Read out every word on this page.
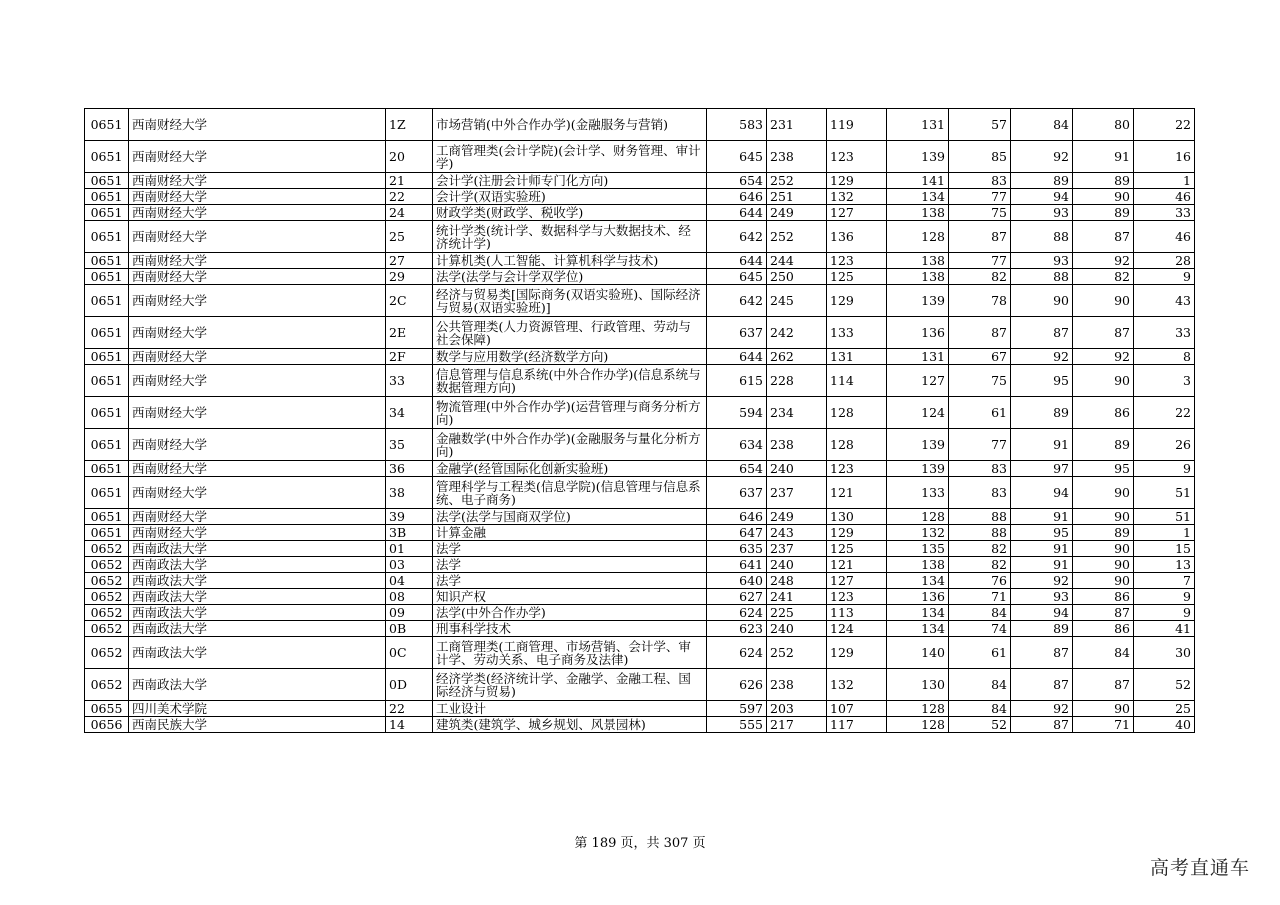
0651	西南财经大学	1Z	市场营销(中外合作办学)(金融服务与营销)	583	231	119	131	57	84	80	22
0651	西南财经大学	20	工商管理类(会计学院)(会计学、财务管理、审计学)	645	238	123	139	85	92	91	16
0651	西南财经大学	21	会计学(注册会计师专门化方向)	654	252	129	141	83	89	89	1
0651	西南财经大学	22	会计学(双语实验班)	646	251	132	134	77	94	90	46
0651	西南财经大学	24	财政学类(财政学、税收学)	644	249	127	138	75	93	89	33
0651	西南财经大学	25	统计学类(统计学、数据科学与大数据技术、经济统计学)	642	252	136	128	87	88	87	46
0651	西南财经大学	27	计算机类(人工智能、计算机科学与技术)	644	244	123	138	77	93	92	28
0651	西南财经大学	29	法学(法学与会计学双学位)	645	250	125	138	82	88	82	9
0651	西南财经大学	2C	经济与贸易类[国际商务(双语实验班)、国际经济与贸易(双语实验班)]	642	245	129	139	78	90	90	43
0651	西南财经大学	2E	公共管理类(人力资源管理、行政管理、劳动与社会保障)	637	242	133	136	87	87	87	33
0651	西南财经大学	2F	数学与应用数学(经济数学方向)	644	262	131	131	67	92	92	8
0651	西南财经大学	33	信息管理与信息系统(中外合作办学)(信息系统与数据管理方向)	615	228	114	127	75	95	90	3
0651	西南财经大学	34	物流管理(中外合作办学)(运营管理与商务分析方向)	594	234	128	124	61	89	86	22
0651	西南财经大学	35	金融数学(中外合作办学)(金融服务与量化分析方向)	634	238	128	139	77	91	89	26
0651	西南财经大学	36	金融学(经管国际化创新实验班)	654	240	123	139	83	97	95	9
0651	西南财经大学	38	管理科学与工程类(信息学院)(信息管理与信息系统、电子商务)	637	237	121	133	83	94	90	51
0651	西南财经大学	39	法学(法学与国商双学位)	646	249	130	128	88	91	90	51
0651	西南财经大学	3B	计算金融	647	243	129	132	88	95	89	1
0652	西南政法大学	01	法学	635	237	125	135	82	91	90	15
0652	西南政法大学	03	法学	641	240	121	138	82	91	90	13
0652	西南政法大学	04	法学	640	248	127	134	76	92	90	7
0652	西南政法大学	08	知识产权	627	241	123	136	71	93	86	9
0652	西南政法大学	09	法学(中外合作办学)	624	225	113	134	84	94	87	9
0652	西南政法大学	0B	刑事科学技术	623	240	124	134	74	89	86	41
0652	西南政法大学	0C	工商管理类(工商管理、市场营销、会计学、审计学、劳动关系、电子商务及法律)	624	252	129	140	61	87	84	30
0652	西南政法大学	0D	经济学类(经济统计学、金融学、金融工程、国际经济与贸易)	626	238	132	130	84	87	87	52
0655	四川美术学院	22	工业设计	597	203	107	128	84	92	90	25
0656	西南民族大学	14	建筑类(建筑学、城乡规划、风景园林)	555	217	117	128	52	87	71	40
第 189 页，共 307 页
高考直通车
